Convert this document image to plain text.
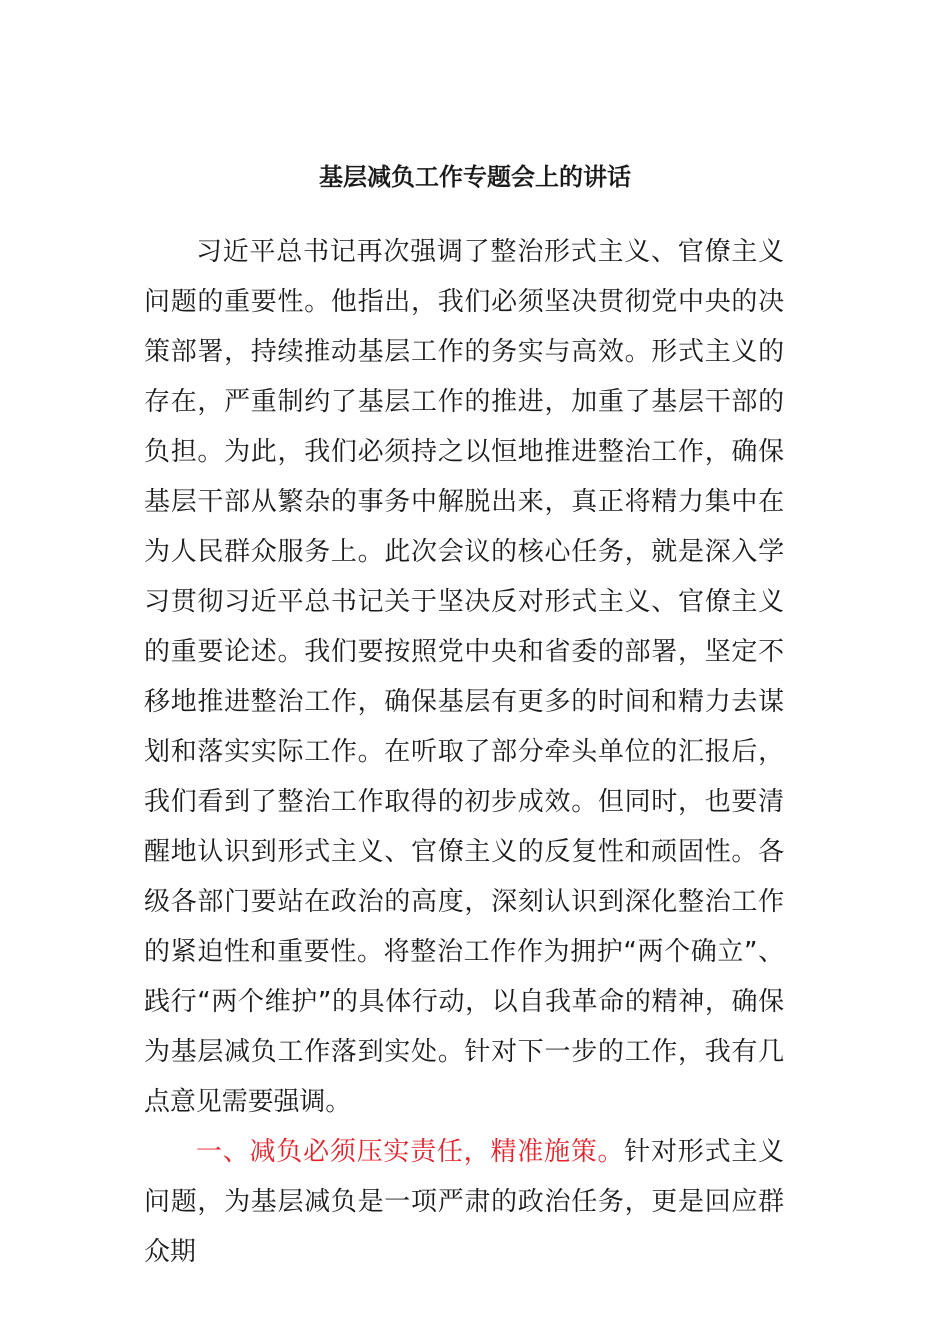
基层减负工作专题会上的讲话

习近平总书记再次强调了整治形式主义、官僚主义问题的重要性。他指出，我们必须坚决贯彻党中央的决策部署，持续推动基层工作的务实与高效。形式主义的存在，严重制约了基层工作的推进，加重了基层干部的负担。为此，我们必须持之以恒地推进整治工作，确保基层干部从繁杂的事务中解脱出来，真正将精力集中在为人民群众服务上。此次会议的核心任务，就是深入学习贯彻习近平总书记关于坚决反对形式主义、官僚主义的重要论述。我们要按照党中央和省委的部署，坚定不移地推进整治工作，确保基层有更多的时间和精力去谋划和落实实际工作。在听取了部分牵头单位的汇报后，我们看到了整治工作取得的初步成效。但同时，也要清醒地认识到形式主义、官僚主义的反复性和顽固性。各级各部门要站在政治的高度，深刻认识到深化整治工作的紧迫性和重要性。将整治工作作为拥护“两个确立”、践行“两个维护”的具体行动，以自我革命的精神，确保为基层减负工作落到实处。针对下一步的工作，我有几点意见需要强调。

一、减负必须压实责任，精准施策。针对形式主义问题，为基层减负是一项严肃的政治任务，更是回应群众期
